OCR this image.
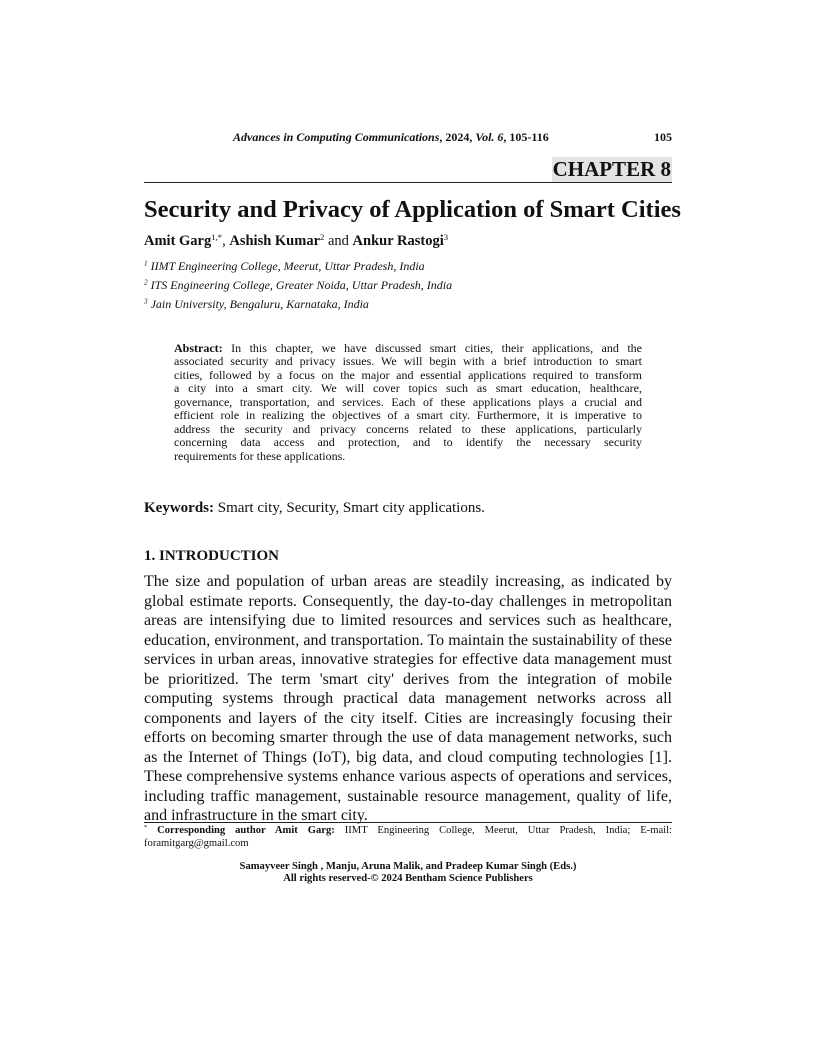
Advances in Computing Communications, 2024, Vol. 6, 105-116	105
CHAPTER 8
Security and Privacy of Application of Smart Cities
Amit Garg$^{1,*}$, Ashish Kumar$^2$ and Ankur Rastogi$^3$
$^1$ IIMT Engineering College, Meerut, Uttar Pradesh, India
$^2$ ITS Engineering College, Greater Noida, Uttar Pradesh, India
$^3$ Jain University, Bengaluru, Karnataka, India
Abstract: In this chapter, we have discussed smart cities, their applications, and the
associated security and privacy issues. We will begin with a brief introduction to smart
cities, followed by a focus on the major and essential applications required to transform
a city into a smart city. We will cover topics such as smart education, healthcare,
governance, transportation, and services. Each of these applications plays a crucial and
efficient role in realizing the objectives of a smart city. Furthermore, it is imperative to
address the security and privacy concerns related to these applications, particularly
concerning data access and protection, and to identify the necessary security
requirements for these applications.
Keywords: Smart city, Security, Smart city applications.
1. INTRODUCTION
The size and population of urban areas are steadily increasing, as indicated by
global estimate reports. Consequently, the day-to-day challenges in metropolitan
areas are intensifying due to limited resources and services such as healthcare,
education, environment, and transportation. To maintain the sustainability of these
services in urban areas, innovative strategies for effective data management must
be prioritized. The term 'smart city' derives from the integration of mobile
computing systems through practical data management networks across all
components and layers of the city itself. Cities are increasingly focusing their
efforts on becoming smarter through the use of data management networks, such
as the Internet of Things (IoT), big data, and cloud computing technologies [1].
These comprehensive systems enhance various aspects of operations and services,
including traffic management, sustainable resource management, quality of life,
and infrastructure in the smart city.
* Corresponding author Amit Garg: IIMT Engineering College, Meerut, Uttar Pradesh, India; E-mail:
foramitgarg@gmail.com
Samayveer Singh , Manju, Aruna Malik, and Pradeep Kumar Singh (Eds.)
All rights reserved-© 2024 Bentham Science Publishers
